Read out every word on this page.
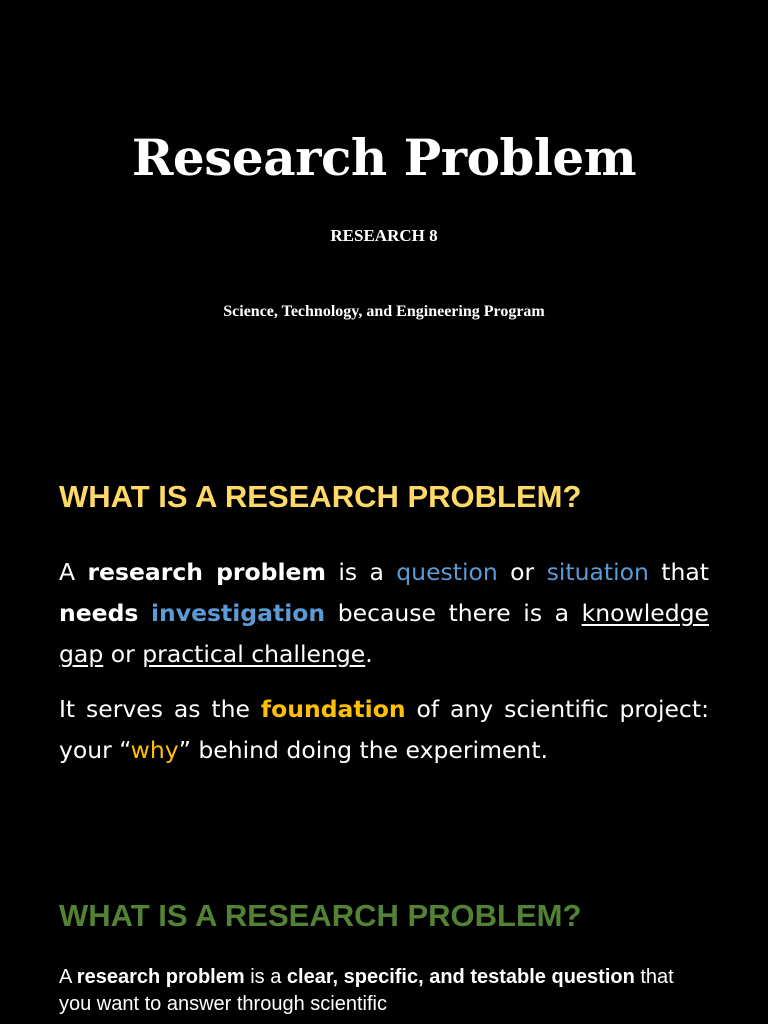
Research Problem
RESEARCH 8
Science, Technology, and Engineering Program
WHAT IS A RESEARCH PROBLEM?

A research problem is a question or situation that needs investigation because there is a knowledge gap or practical challenge.

It serves as the foundation of any scientific project: your “why” behind doing the experiment.

WHAT IS A RESEARCH PROBLEM?

A research problem is a clear, specific, and testable question that you want to answer through scientific
